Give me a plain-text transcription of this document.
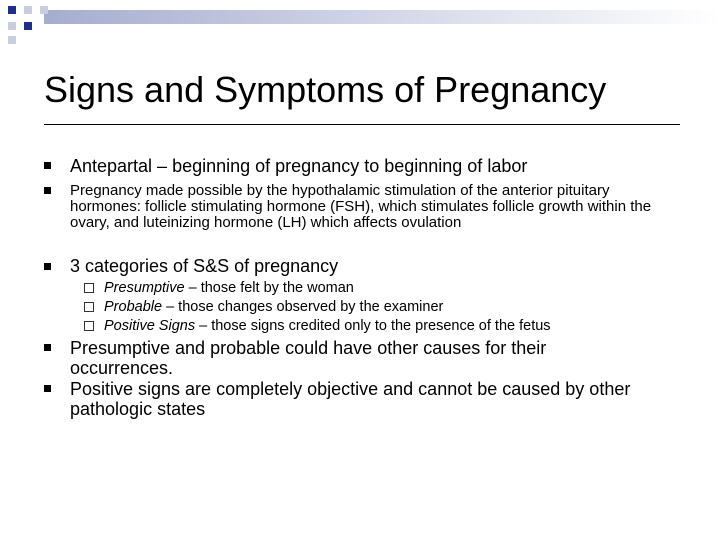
Signs and Symptoms of Pregnancy
Antepartal – beginning of pregnancy to beginning of labor
Pregnancy made possible by the hypothalamic stimulation of the anterior pituitary hormones: follicle stimulating hormone (FSH), which stimulates follicle growth within the ovary, and luteinizing hormone (LH) which affects ovulation
3 categories of S&S of pregnancy
Presumptive – those felt by the woman
Probable – those changes observed by the examiner
Positive Signs – those signs credited only to the presence of the fetus
Presumptive and probable could have other causes for their occurrences.
Positive signs are completely objective and cannot be caused by other pathologic states
